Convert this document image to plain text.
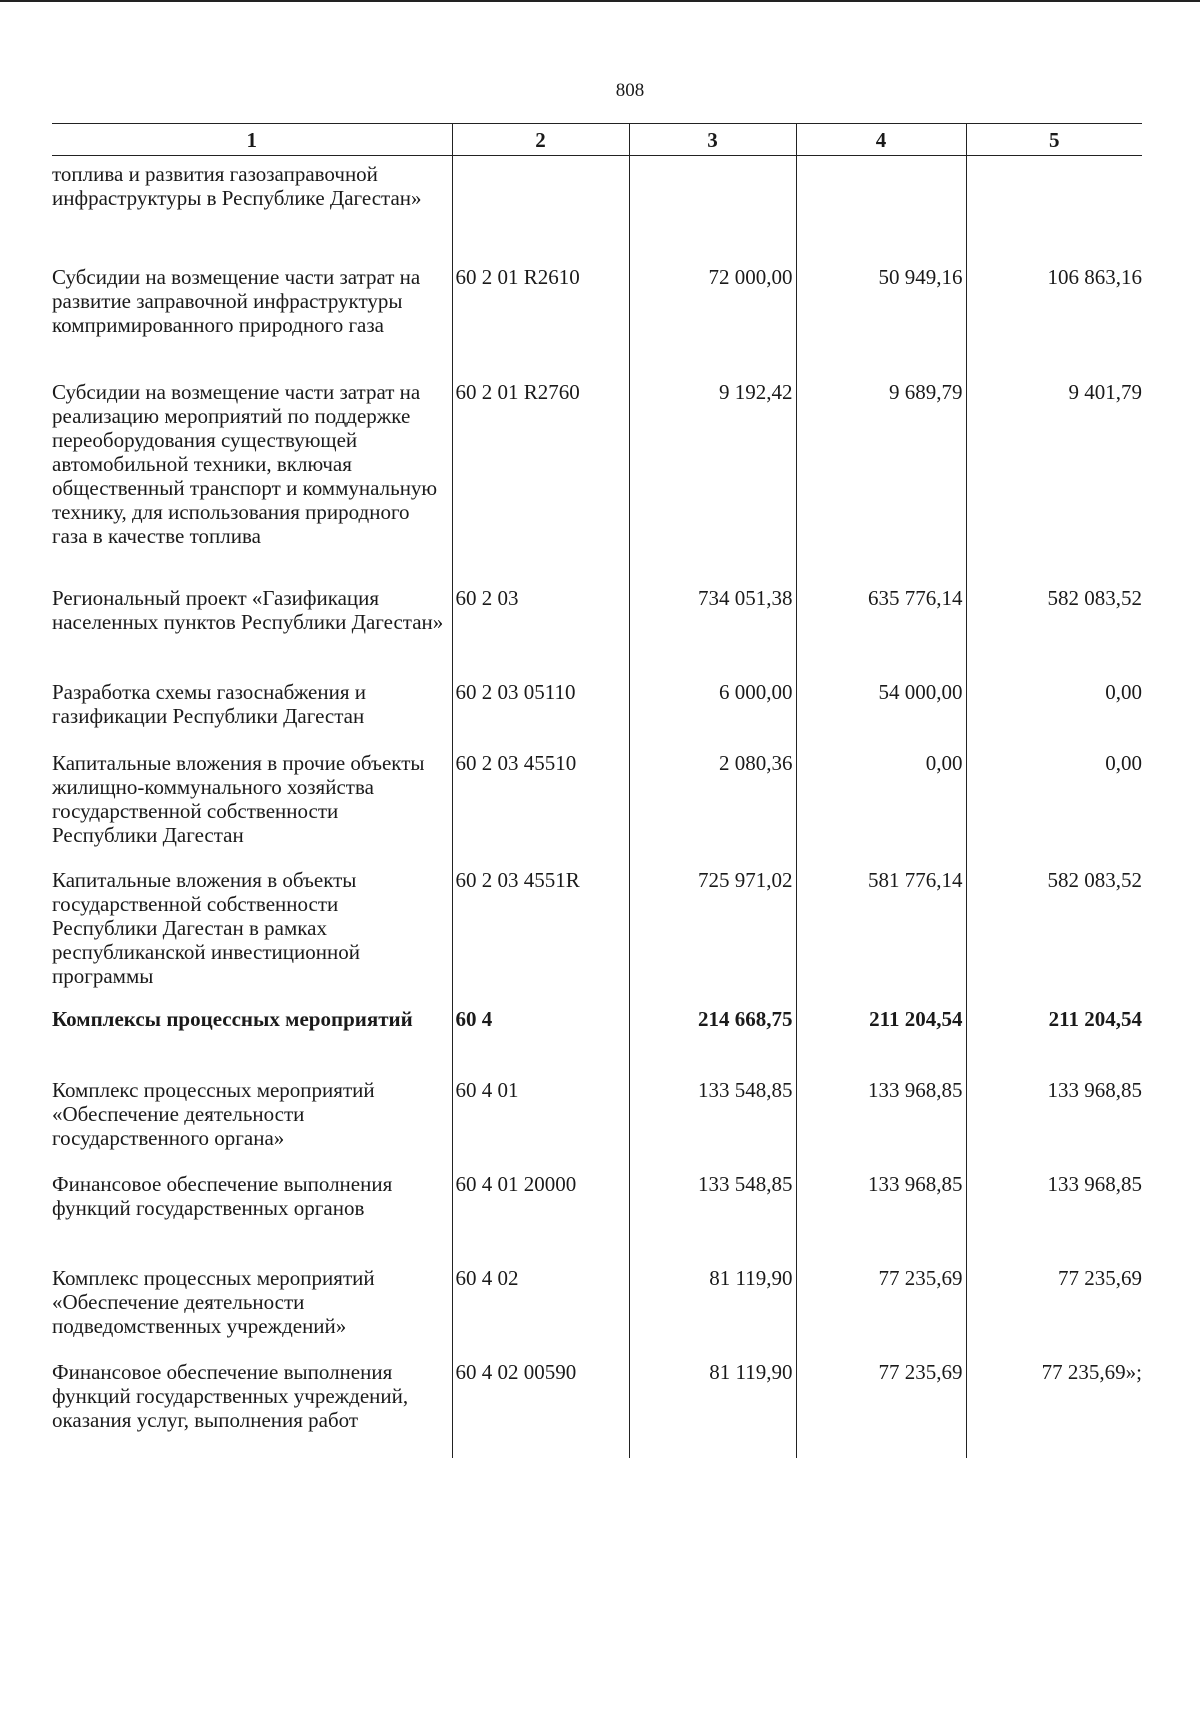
808
1	2	3	4	5
топлива и развития газозаправочной инфраструктуры в Республике Дагестан»				
Субсидии на возмещение части затрат на развитие заправочной инфраструктуры компримированного природного газа	60 2 01 R2610	72 000,00	50 949,16	106 863,16
Субсидии на возмещение части затрат на реализацию мероприятий по поддержке переоборудования существующей автомобильной техники, включая общественный транспорт и коммунальную технику, для использования природного газа в качестве топлива	60 2 01 R2760	9 192,42	9 689,79	9 401,79
Региональный проект «Газификация населенных пунктов Республики Дагестан»	60 2 03	734 051,38	635 776,14	582 083,52
Разработка схемы газоснабжения и газификации Республики Дагестан	60 2 03 05110	6 000,00	54 000,00	0,00
Капитальные вложения в прочие объекты жилищно-коммунального хозяйства государственной собственности Республики Дагестан	60 2 03 45510	2 080,36	0,00	0,00
Капитальные вложения в объекты государственной собственности Республики Дагестан в рамках республиканской инвестиционной программы	60 2 03 4551R	725 971,02	581 776,14	582 083,52
Комплексы процессных мероприятий	60 4	214 668,75	211 204,54	211 204,54
Комплекс процессных мероприятий «Обеспечение деятельности государственного органа»	60 4 01	133 548,85	133 968,85	133 968,85
Финансовое обеспечение выполнения функций государственных органов	60 4 01 20000	133 548,85	133 968,85	133 968,85
Комплекс процессных мероприятий «Обеспечение деятельности подведомственных учреждений»	60 4 02	81 119,90	77 235,69	77 235,69
Финансовое обеспечение выполнения функций государственных учреждений, оказания услуг, выполнения работ	60 4 02 00590	81 119,90	77 235,69	77 235,69»;
